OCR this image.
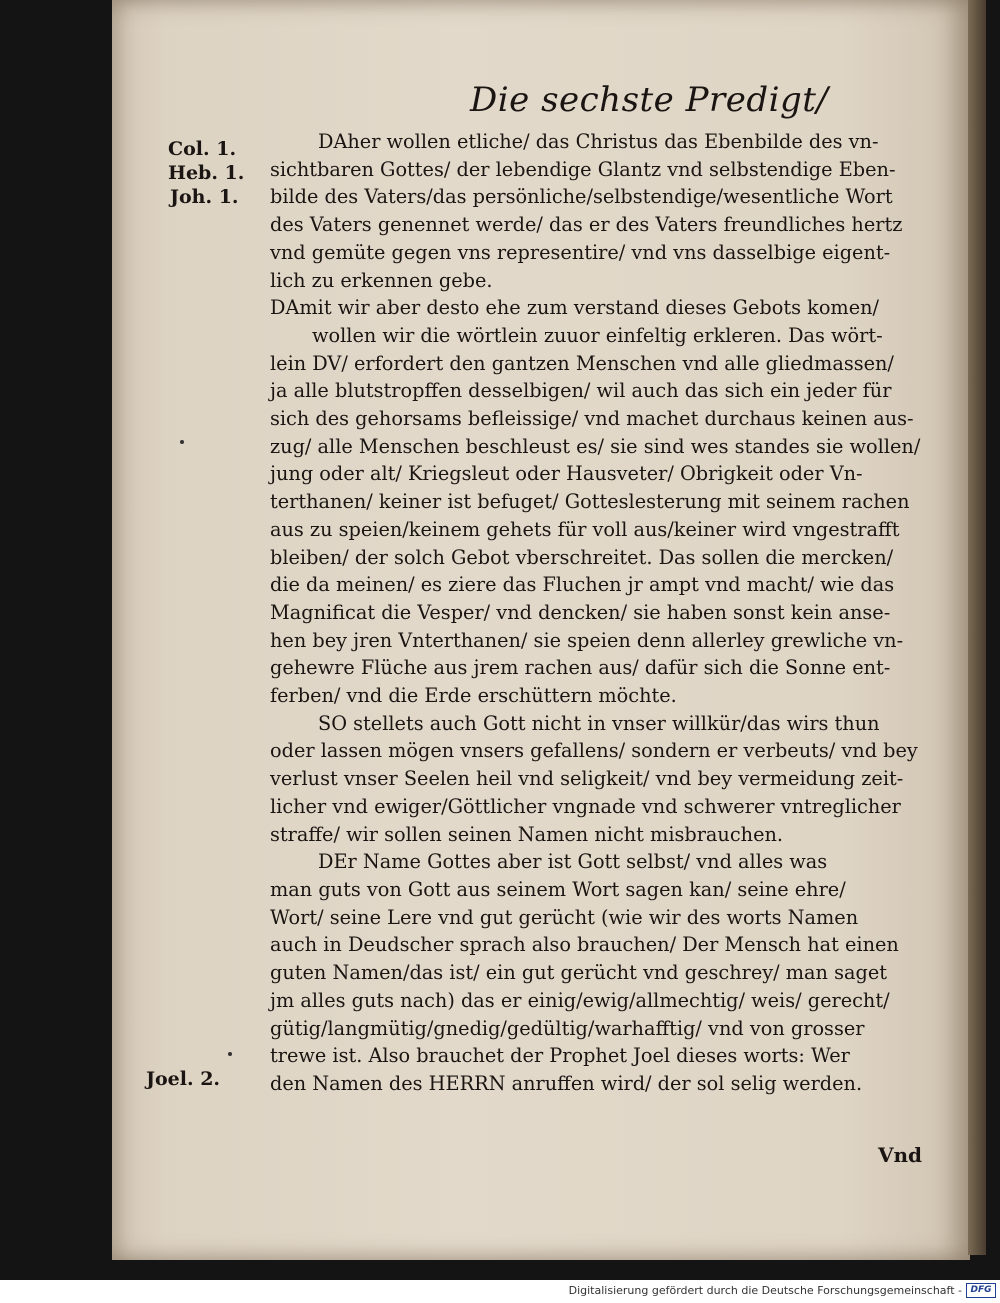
Die sechste Predigt/
Col. 1.
Heb. 1.
Joh. 1.
Joel. 2.
DAher wollen etliche/ das Christus das Ebenbilde des vn-
sichtbaren Gottes/ der lebendige Glantz vnd selbstendige Eben-
bilde des Vaters/das persönliche/selbstendige/wesentliche Wort
des Vaters genennet werde/ das er des Vaters freundliches hertz
vnd gemüte gegen vns representire/ vnd vns dasselbige eigent-
lich zu erkennen gebe.
DAmit wir aber desto ehe zum verstand dieses Gebots komen/
wollen wir die wörtlein zuuor einfeltig erkleren. Das wört-
lein DV/ erfordert den gantzen Menschen vnd alle gliedmassen/
ja alle blutstropffen desselbigen/ wil auch das sich ein jeder für
sich des gehorsams befleissige/ vnd machet durchaus keinen aus-
zug/ alle Menschen beschleust es/ sie sind wes standes sie wollen/
jung oder alt/ Kriegsleut oder Hausveter/ Obrigkeit oder Vn-
terthanen/ keiner ist befuget/ Gotteslesterung mit seinem rachen
aus zu speien/keinem gehets für voll aus/keiner wird vngestrafft
bleiben/ der solch Gebot vberschreitet. Das sollen die mercken/
die da meinen/ es ziere das Fluchen jr ampt vnd macht/ wie das
Magnificat die Vesper/ vnd dencken/ sie haben sonst kein anse-
hen bey jren Vnterthanen/ sie speien denn allerley grewliche vn-
gehewre Flüche aus jrem rachen aus/ dafür sich die Sonne ent-
ferben/ vnd die Erde erschüttern möchte.
SO stellets auch Gott nicht in vnser willkür/das wirs thun
oder lassen mögen vnsers gefallens/ sondern er verbeuts/ vnd bey
verlust vnser Seelen heil vnd seligkeit/ vnd bey vermeidung zeit-
licher vnd ewiger/Göttlicher vngnade vnd schwerer vntreglicher
straffe/ wir sollen seinen Namen nicht misbrauchen.
DEr Name Gottes aber ist Gott selbst/ vnd alles was
man guts von Gott aus seinem Wort sagen kan/ seine ehre/
Wort/ seine Lere vnd gut gerücht (wie wir des worts Namen
auch in Deudscher sprach also brauchen/ Der Mensch hat einen
guten Namen/das ist/ ein gut gerücht vnd geschrey/ man saget
jm alles guts nach) das er einig/ewig/allmechtig/ weis/ gerecht/
gütig/langmütig/gnedig/gedültig/warhafftig/ vnd von grosser
trewe ist. Also brauchet der Prophet Joel dieses worts: Wer
den Namen des HERRN anruffen wird/ der sol selig werden.
Vnd
Digitalisierung gefördert durch die Deutsche Forschungsgemeinschaft - DFG
